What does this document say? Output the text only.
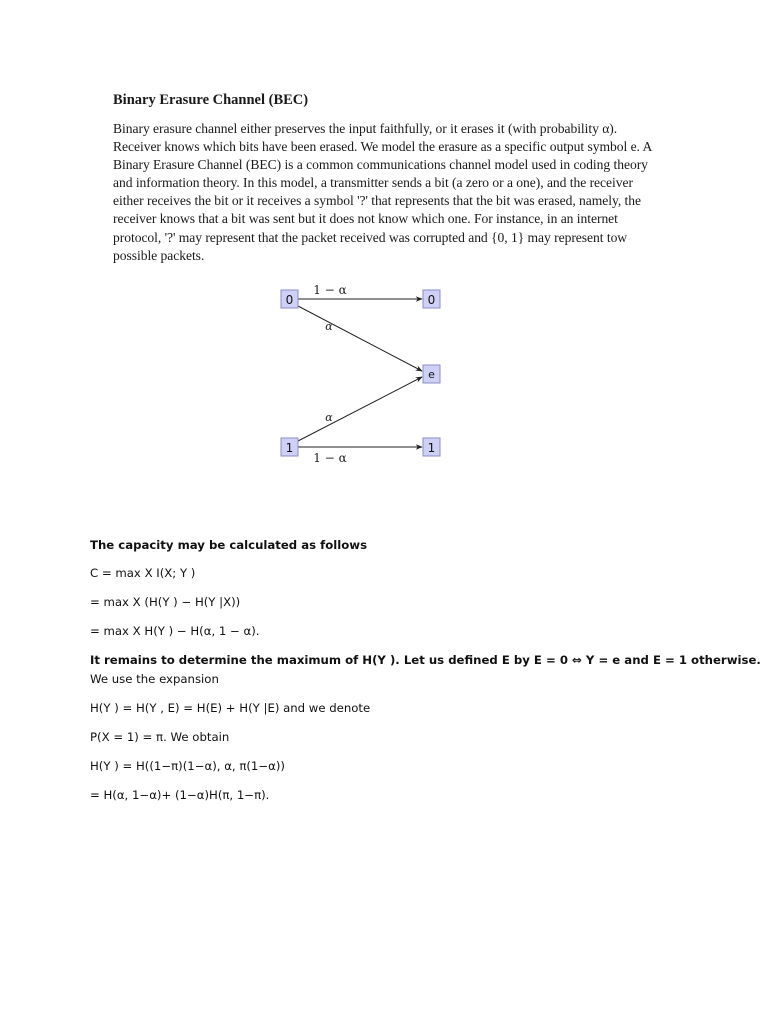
Binary Erasure Channel (BEC)

Binary erasure channel either preserves the input faithfully, or it erases it (with probability α).
Receiver knows which bits have been erased. We model the erasure as a specific output symbol e. A
Binary Erasure Channel (BEC) is a common communications channel model used in coding theory
and information theory. In this model, a transmitter sends a bit (a zero or a one), and the receiver
either receives the bit or it receives a symbol '?' that represents that the bit was erased, namely, the
receiver knows that a bit was sent but it does not know which one. For instance, in an internet
protocol, '?' may represent that the packet received was corrupted and {0, 1} may represent tow
possible packets.

0
1
0
e
1
1 − α
α
α
1 − α
The capacity may be calculated as follows
C = max X I(X; Y )
= max X (H(Y ) − H(Y |X))
= max X H(Y ) − H(α, 1 − α).
It remains to determine the maximum of H(Y ). Let us defined E by E = 0 ⇔ Y = e and E = 1 otherwise.
We use the expansion
H(Y ) = H(Y , E) = H(E) + H(Y |E) and we denote
P(X = 1) = π. We obtain
H(Y ) = H((1−π)(1−α), α, π(1−α))
= H(α, 1−α)+ (1−α)H(π, 1−π).
